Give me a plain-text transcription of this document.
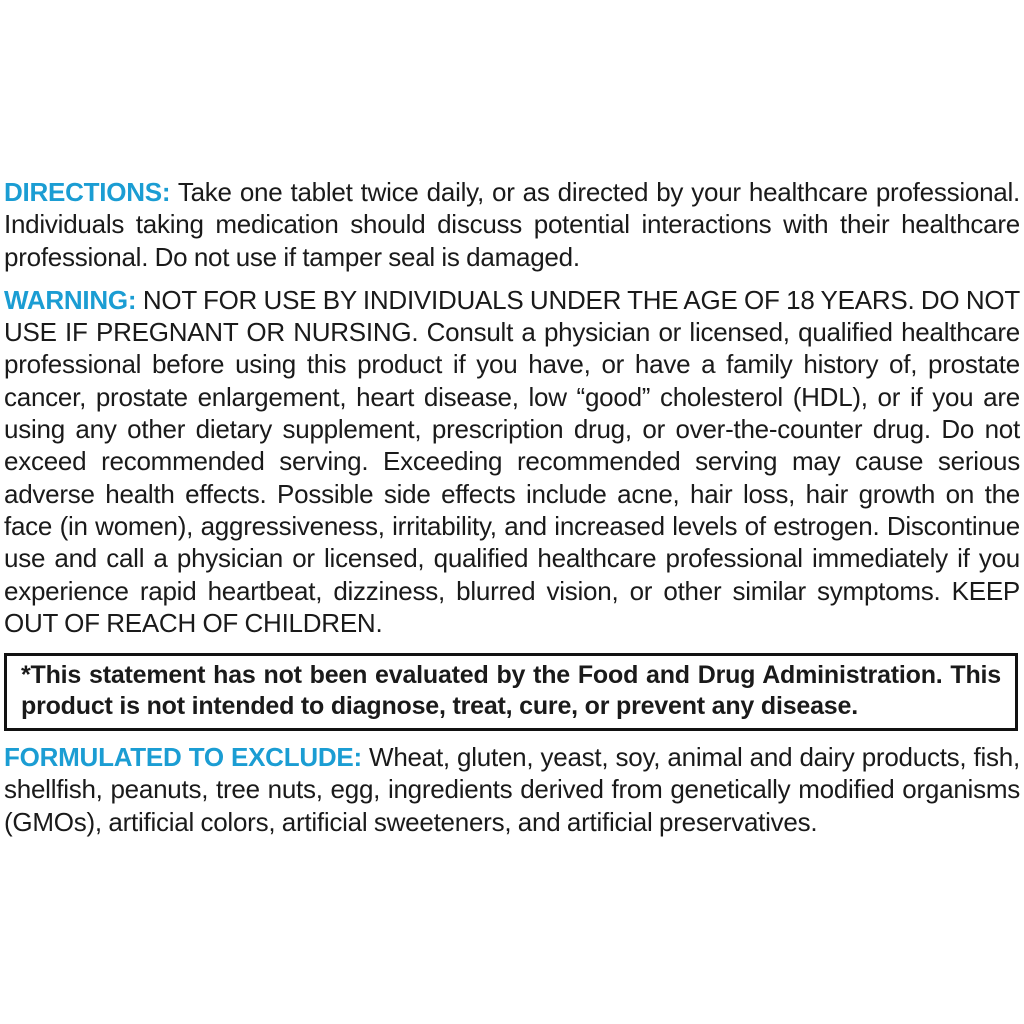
DIRECTIONS: Take one tablet twice daily, or as directed by your healthcare professional. Individuals taking medication should discuss potential interactions with their healthcare professional. Do not use if tamper seal is damaged.

WARNING: NOT FOR USE BY INDIVIDUALS UNDER THE AGE OF 18 YEARS. DO NOT USE IF PREGNANT OR NURSING. Consult a physician or licensed, qualified healthcare professional before using this product if you have, or have a family history of, prostate cancer, prostate enlargement, heart disease, low “good” cholesterol (HDL), or if you are using any other dietary supplement, prescription drug, or over-the-counter drug. Do not exceed recommended serving. Exceeding recommended serving may cause serious adverse health effects. Possible side effects include acne, hair loss, hair growth on the face (in women), aggressiveness, irritability, and increased levels of estrogen. Discontinue use and call a physician or licensed, qualified healthcare professional immediately if you experience rapid heartbeat, dizziness, blurred vision, or other similar symptoms. KEEP OUT OF REACH OF CHILDREN.

*This statement has not been evaluated by the Food and Drug Administration. This product is not intended to diagnose, treat, cure, or prevent any disease.

FORMULATED TO EXCLUDE: Wheat, gluten, yeast, soy, animal and dairy products, fish, shellfish, peanuts, tree nuts, egg, ingredients derived from genetically modified organisms (GMOs), artificial colors, artificial sweeteners, and artificial preservatives.
